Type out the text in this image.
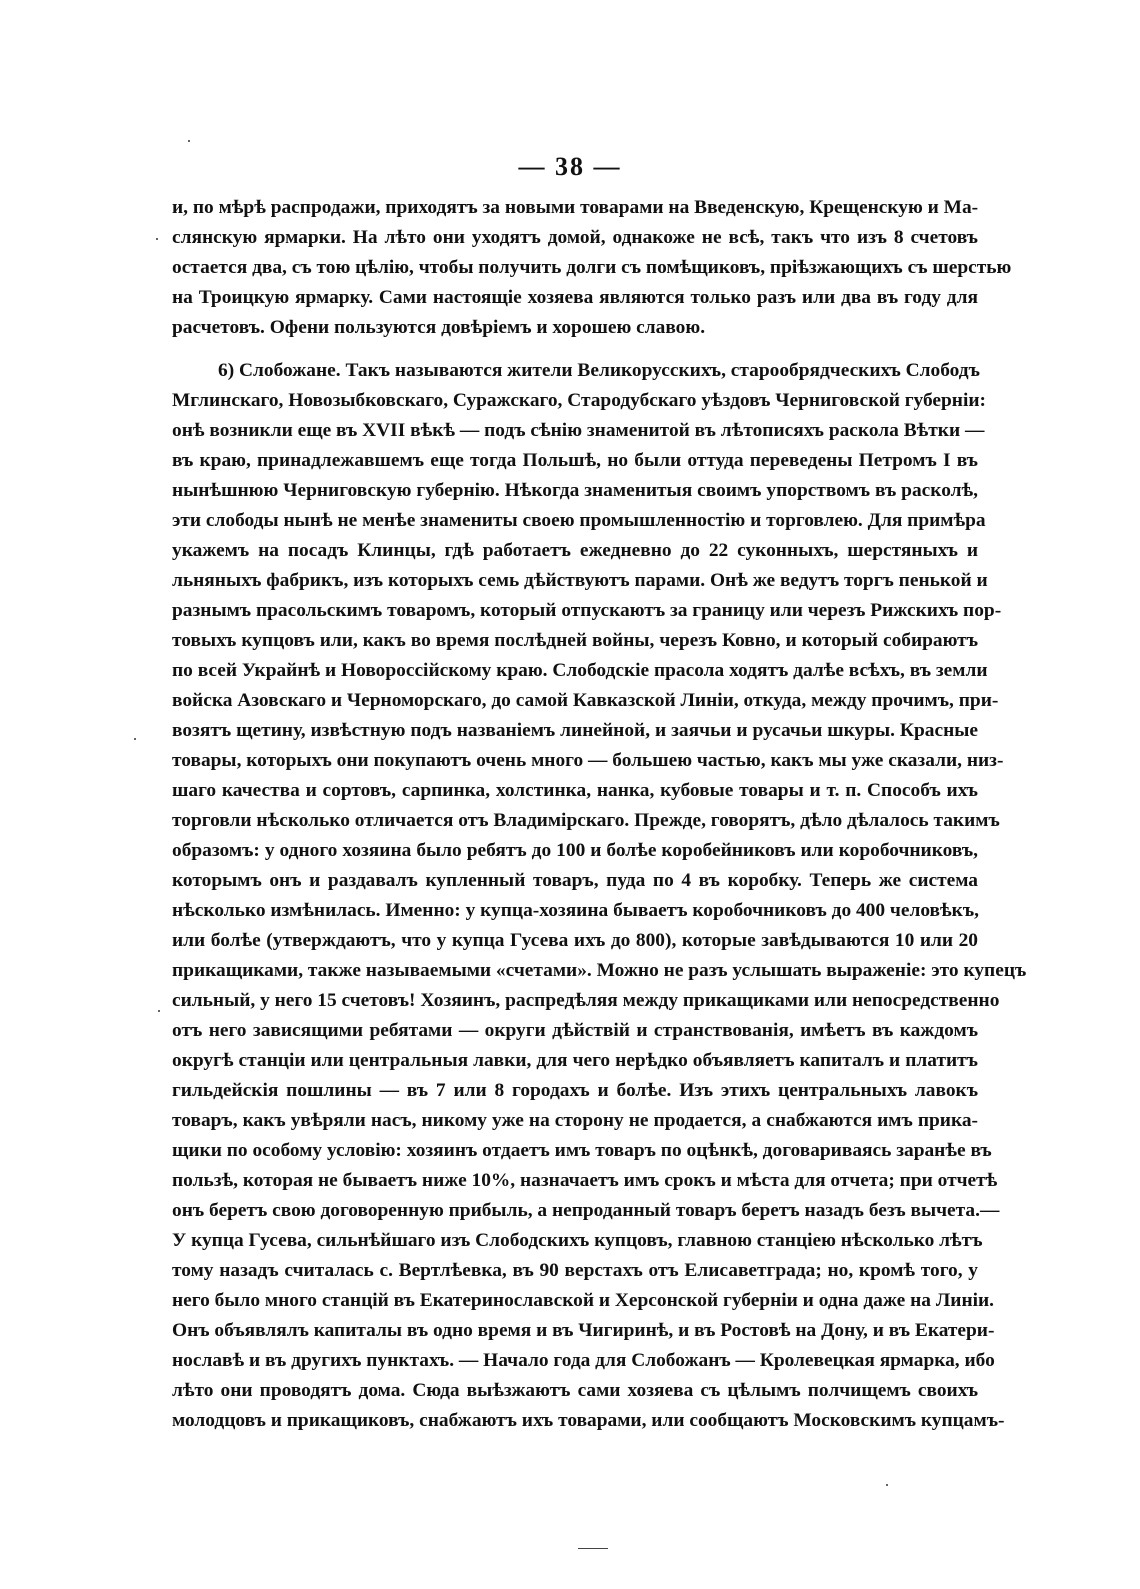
— 38 —
и, по мѣрѣ распродажи, приходятъ за новыми товарами на Введенскую, Крещенскую и Ма-
слянскую ярмарки. На лѣто они уходятъ домой, однакоже не всѣ, такъ что изъ 8 счетовъ
остается два, съ тою цѣлію, чтобы получить долги съ помѣщиковъ, пріѣзжающихъ съ шерстью
на Троицкую ярмарку. Сами настоящіе хозяева являются только разъ или два въ году для
расчетовъ. Офени пользуются довѣріемъ и хорошею славою.
6) Слобожане. Такъ называются жители Великорусскихъ, старообрядческихъ Слободъ
Мглинскаго, Новозыбковскаго, Суражскаго, Стародубскаго уѣздовъ Черниговской губерніи:
онѣ возникли еще въ XVII вѣкѣ — подъ сѣнію знаменитой въ лѣтописяхъ раскола Вѣтки —
въ краю, принадлежавшемъ еще тогда Польшѣ, но были оттуда переведены Петромъ I въ
нынѣшнюю Черниговскую губернію. Нѣкогда знаменитыя своимъ упорствомъ въ расколѣ,
эти слободы нынѣ не менѣе знамениты своею промышленностію и торговлею. Для примѣра
укажемъ на посадъ Клинцы, гдѣ работаетъ ежедневно до 22 суконныхъ, шерстяныхъ и
льняныхъ фабрикъ, изъ которыхъ семь дѣйствуютъ парами. Онѣ же ведутъ торгъ пенькой и
разнымъ прасольскимъ товаромъ, который отпускаютъ за границу или черезъ Рижскихъ пор-
товыхъ купцовъ или, какъ во время послѣдней войны, черезъ Ковно, и который собираютъ
по всей Украйнѣ и Новороссійскому краю. Слободскіе прасола ходятъ далѣе всѣхъ, въ земли
войска Азовскаго и Черноморскаго, до самой Кавказской Линіи, откуда, между прочимъ, при-
возятъ щетину, извѣстную подъ названіемъ линейной, и заячьи и русачьи шкуры. Красные
товары, которыхъ они покупаютъ очень много — большею частью, какъ мы уже сказали, низ-
шаго качества и сортовъ, сарпинка, холстинка, нанка, кубовые товары и т. п. Способъ ихъ
торговли нѣсколько отличается отъ Владимірскаго. Прежде, говорятъ, дѣло дѣлалось такимъ
образомъ: у одного хозяина было ребятъ до 100 и болѣе коробейниковъ или коробочниковъ,
которымъ онъ и раздавалъ купленный товаръ, пуда по 4 въ коробку. Теперь же система
нѣсколько измѣнилась. Именно: у купца-хозяина бываетъ коробочниковъ до 400 человѣкъ,
или болѣе (утверждаютъ, что у купца Гусева ихъ до 800), которые завѣдываются 10 или 20
прикащиками, также называемыми «счетами». Можно не разъ услышать выраженіе: это купецъ
сильный, у него 15 счетовъ! Хозяинъ, распредѣляя между прикащиками или непосредственно
отъ него зависящими ребятами — округи дѣйствій и странствованія, имѣетъ въ каждомъ
округѣ станціи или центральныя лавки, для чего нерѣдко объявляетъ капиталъ и платитъ
гильдейскія пошлины — въ 7 или 8 городахъ и болѣе. Изъ этихъ центральныхъ лавокъ
товаръ, какъ увѣряли насъ, никому уже на сторону не продается, а снабжаются имъ прика-
щики по особому условію: хозяинъ отдаетъ имъ товаръ по оцѣнкѣ, договариваясь заранѣе въ
пользѣ, которая не бываетъ ниже 10%, назначаетъ имъ срокъ и мѣста для отчета; при отчетѣ
онъ беретъ свою договоренную прибыль, а непроданный товаръ беретъ назадъ безъ вычета.—
У купца Гусева, сильнѣйшаго изъ Слободскихъ купцовъ, главною станціею нѣсколько лѣтъ
тому назадъ считалась с. Вертлѣевка, въ 90 верстахъ отъ Елисаветграда; но, кромѣ того, у
него было много станцій въ Екатеринославской и Херсонской губерніи и одна даже на Линіи.
Онъ объявлялъ капиталы въ одно время и въ Чигиринѣ, и въ Ростовѣ на Дону, и въ Екатери-
нославѣ и въ другихъ пунктахъ. — Начало года для Слобожанъ — Кролевецкая ярмарка, ибо
лѣто они проводятъ дома. Сюда выѣзжаютъ сами хозяева съ цѣлымъ полчищемъ своихъ
молодцовъ и прикащиковъ, снабжаютъ ихъ товарами, или сообщаютъ Московскимъ купцамъ-
